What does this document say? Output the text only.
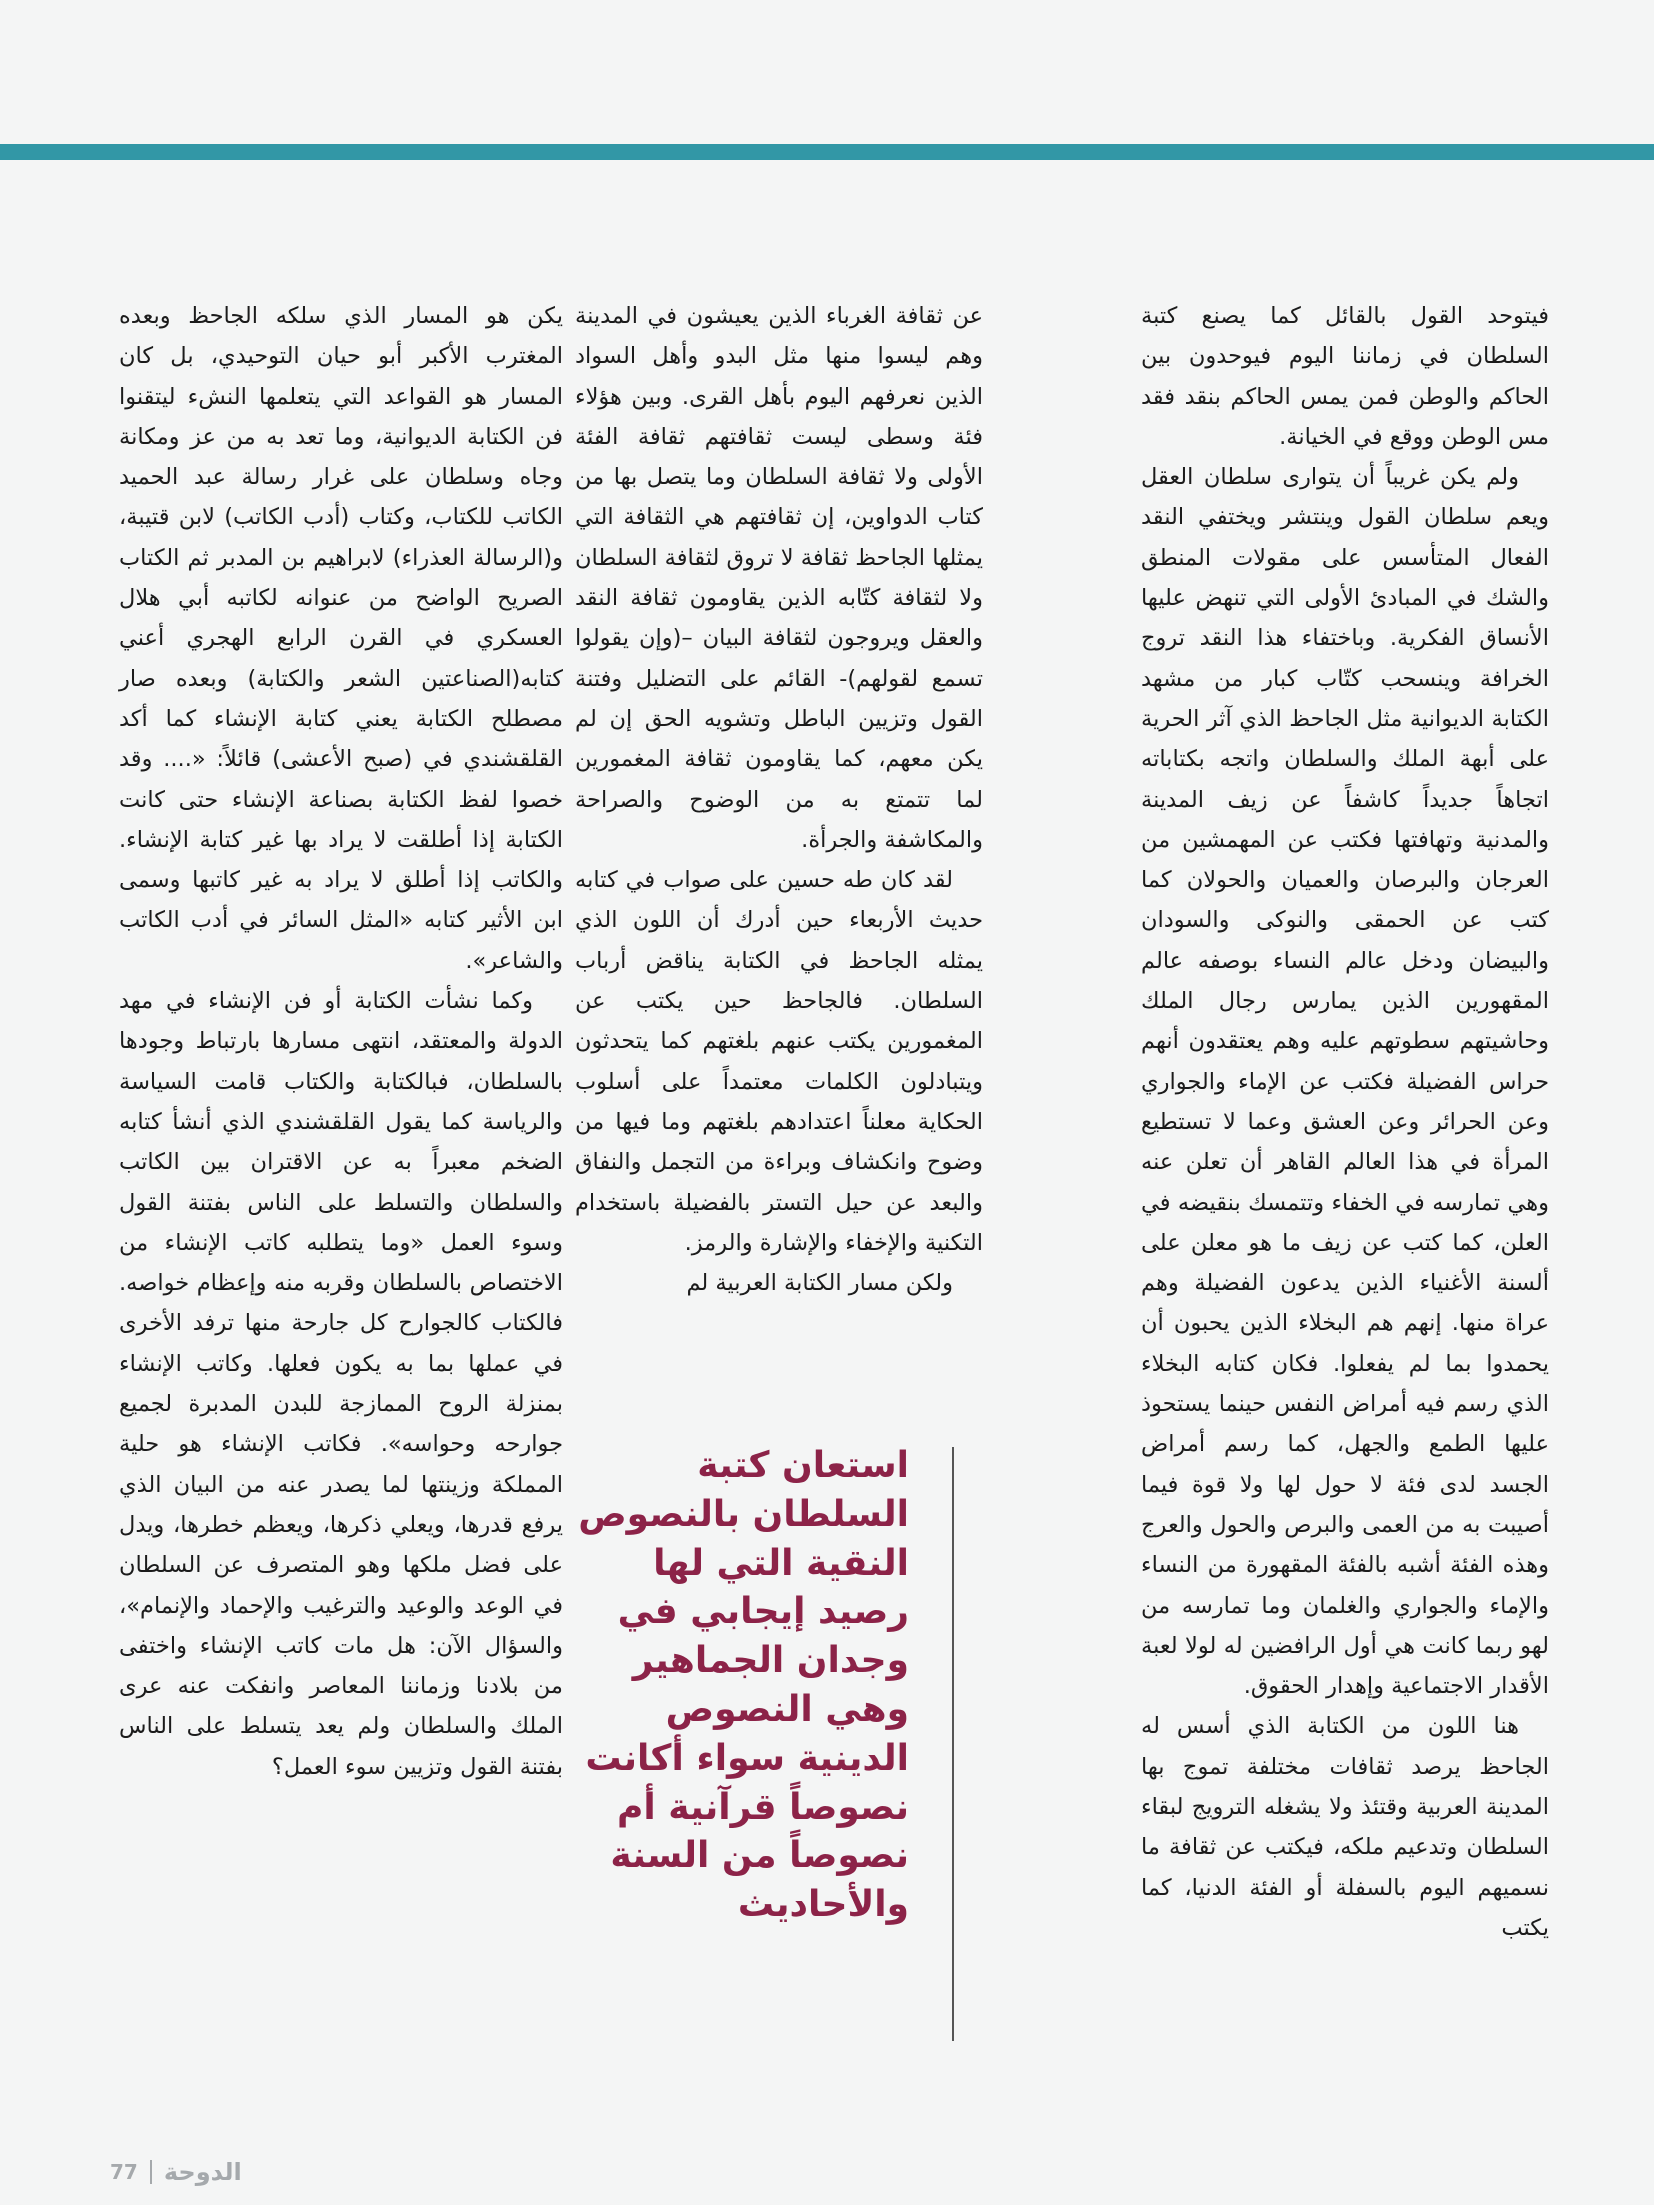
فيتوحد القول بالقائل كما يصنع كتبة السلطان في زماننا اليوم فيوحدون بين الحاكم والوطن فمن يمس الحاكم بنقد فقد مس الوطن ووقع في الخيانة.

ولم يكن غريباً أن يتوارى سلطان العقل ويعم سلطان القول وينتشر ويختفي النقد الفعال المتأسس على مقولات المنطق والشك في المبادئ الأولى التي تنهض عليها الأنساق الفكرية. وباختفاء هذا النقد تروج الخرافة وينسحب كتّاب كبار من مشهد الكتابة الديوانية مثل الجاحظ الذي آثر الحرية على أبهة الملك والسلطان واتجه بكتاباته اتجاهاً جديداً كاشفاً عن زيف المدينة والمدنية وتهافتها فكتب عن المهمشين من العرجان والبرصان والعميان والحولان كما كتب عن الحمقى والنوكى والسودان والبيضان ودخل عالم النساء بوصفه عالم المقهورين الذين يمارس رجال الملك وحاشيتهم سطوتهم عليه وهم يعتقدون أنهم حراس الفضيلة فكتب عن الإماء والجواري وعن الحرائر وعن العشق وعما لا تستطيع المرأة في هذا العالم القاهر أن تعلن عنه وهي تمارسه في الخفاء وتتمسك بنقيضه في العلن، كما كتب عن زيف ما هو معلن على ألسنة الأغنياء الذين يدعون الفضيلة وهم عراة منها. إنهم هم البخلاء الذين يحبون أن يحمدوا بما لم يفعلوا. فكان كتابه البخلاء الذي رسم فيه أمراض النفس حينما يستحوذ عليها الطمع والجهل، كما رسم أمراض الجسد لدى فئة لا حول لها ولا قوة فيما أصيبت به من العمى والبرص والحول والعرج وهذه الفئة أشبه بالفئة المقهورة من النساء والإماء والجواري والغلمان وما تمارسه من لهو ربما كانت هي أول الرافضين له لولا لعبة الأقدار الاجتماعية وإهدار الحقوق.

هنا اللون من الكتابة الذي أسس له الجاحظ يرصد ثقافات مختلفة تموج بها المدينة العربية وقتئذ ولا يشغله الترويج لبقاء السلطان وتدعيم ملكه، فيكتب عن ثقافة ما نسميهم اليوم بالسفلة أو الفئة الدنيا، كما يكتب

عن ثقافة الغرباء الذين يعيشون في المدينة وهم ليسوا منها مثل البدو وأهل السواد الذين نعرفهم اليوم بأهل القرى. وبين هؤلاء فئة وسطى ليست ثقافتهم ثقافة الفئة الأولى ولا ثقافة السلطان وما يتصل بها من كتاب الدواوين، إن ثقافتهم هي الثقافة التي يمثلها الجاحظ ثقافة لا تروق لثقافة السلطان ولا لثقافة كتّابه الذين يقاومون ثقافة النقد والعقل ويروجون لثقافة البيان –(وإن يقولوا تسمع لقولهم)- القائم على التضليل وفتنة القول وتزيين الباطل وتشويه الحق إن لم يكن معهم، كما يقاومون ثقافة المغمورين لما تتمتع به من الوضوح والصراحة والمكاشفة والجرأة.

لقد كان طه حسين على صواب في كتابه حديث الأربعاء حين أدرك أن اللون الذي يمثله الجاحظ في الكتابة يناقض أرباب السلطان. فالجاحظ حين يكتب عن المغمورين يكتب عنهم بلغتهم كما يتحدثون ويتبادلون الكلمات معتمداً على أسلوب الحكاية معلناً اعتدادهم بلغتهم وما فيها من وضوح وانكشاف وبراءة من التجمل والنفاق والبعد عن حيل التستر بالفضيلة باستخدام التكنية والإخفاء والإشارة والرمز.

ولكن مسار الكتابة العربية لم

يكن هو المسار الذي سلكه الجاحظ وبعده المغترب الأكبر أبو حيان التوحيدي، بل كان المسار هو القواعد التي يتعلمها النشء ليتقنوا فن الكتابة الديوانية، وما تعد به من عز ومكانة وجاه وسلطان على غرار رسالة عبد الحميد الكاتب للكتاب، وكتاب (أدب الكاتب) لابن قتيبة، و(الرسالة العذراء) لابراهيم بن المدبر ثم الكتاب الصريح الواضح من عنوانه لكاتبه أبي هلال العسكري في القرن الرابع الهجري أعني كتابه(الصناعتين الشعر والكتابة) وبعده صار مصطلح الكتابة يعني كتابة الإنشاء كما أكد القلقشندي في (صبح الأعشى) قائلاً: «.... وقد خصوا لفظ الكتابة بصناعة الإنشاء حتى كانت الكتابة إذا أطلقت لا يراد بها غير كتابة الإنشاء. والكاتب إذا أطلق لا يراد به غير كاتبها وسمى ابن الأثير كتابه «المثل السائر في أدب الكاتب والشاعر».

وكما نشأت الكتابة أو فن الإنشاء في مهد الدولة والمعتقد، انتهى مسارها بارتباط وجودها بالسلطان، فبالكتابة والكتاب قامت السياسة والرياسة كما يقول القلقشندي الذي أنشأ كتابه الضخم معبراً به عن الاقتران بين الكاتب والسلطان والتسلط على الناس بفتنة القول وسوء العمل «وما يتطلبه كاتب الإنشاء من الاختصاص بالسلطان وقربه منه وإعظام خواصه. فالكتاب كالجوارح كل جارحة منها ترفد الأخرى في عملها بما به يكون فعلها. وكاتب الإنشاء بمنزلة الروح الممازجة للبدن المدبرة لجميع جوارحه وحواسه». فكاتب الإنشاء هو حلية المملكة وزينتها لما يصدر عنه من البيان الذي يرفع قدرها، ويعلي ذكرها، ويعظم خطرها، ويدل على فضل ملكها وهو المتصرف عن السلطان في الوعد والوعيد والترغيب والإحماد والإنمام»، والسؤال الآن: هل مات كاتب الإنشاء واختفى من بلادنا وزماننا المعاصر وانفكت عنه عرى الملك والسلطان ولم يعد يتسلط على الناس بفتنة القول وتزيين سوء العمل؟

استعان كتبة
السلطان بالنصوص
النقية التي لها
رصيد إيجابي في
وجدان الجماهير
وهي النصوص
الدينية سواء أكانت
نصوصاً قرآنية أم
نصوصاً من السنة
والأحاديث
77 الدوحة
